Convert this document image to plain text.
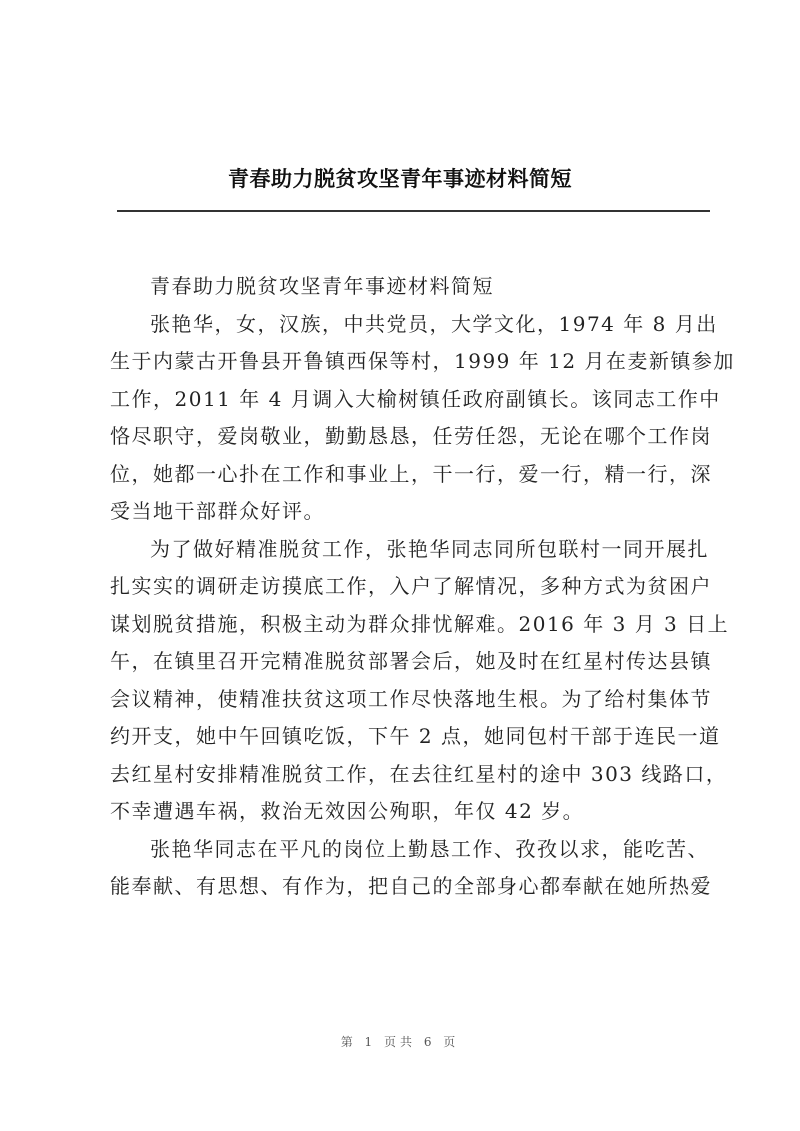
青春助力脱贫攻坚青年事迹材料简短
青春助力脱贫攻坚青年事迹材料简短
张艳华，女，汉族，中共党员，大学文化，1974 年 8 月出
生于内蒙古开鲁县开鲁镇西保等村，1999 年 12 月在麦新镇参加
工作，2011 年 4 月调入大榆树镇任政府副镇长。该同志工作中
恪尽职守，爱岗敬业，勤勤恳恳，任劳任怨，无论在哪个工作岗
位，她都一心扑在工作和事业上，干一行，爱一行，精一行，深
受当地干部群众好评。
为了做好精准脱贫工作，张艳华同志同所包联村一同开展扎
扎实实的调研走访摸底工作，入户了解情况，多种方式为贫困户
谋划脱贫措施，积极主动为群众排忧解难。2016 年 3 月 3 日上
午，在镇里召开完精准脱贫部署会后，她及时在红星村传达县镇
会议精神，使精准扶贫这项工作尽快落地生根。为了给村集体节
约开支，她中午回镇吃饭，下午 2 点，她同包村干部于连民一道
去红星村安排精准脱贫工作，在去往红星村的途中 303 线路口，
不幸遭遇车祸，救治无效因公殉职，年仅 42 岁。
张艳华同志在平凡的岗位上勤恳工作、孜孜以求，能吃苦、
能奉献、有思想、有作为，把自己的全部身心都奉献在她所热爱
第 1 页共 6 页
